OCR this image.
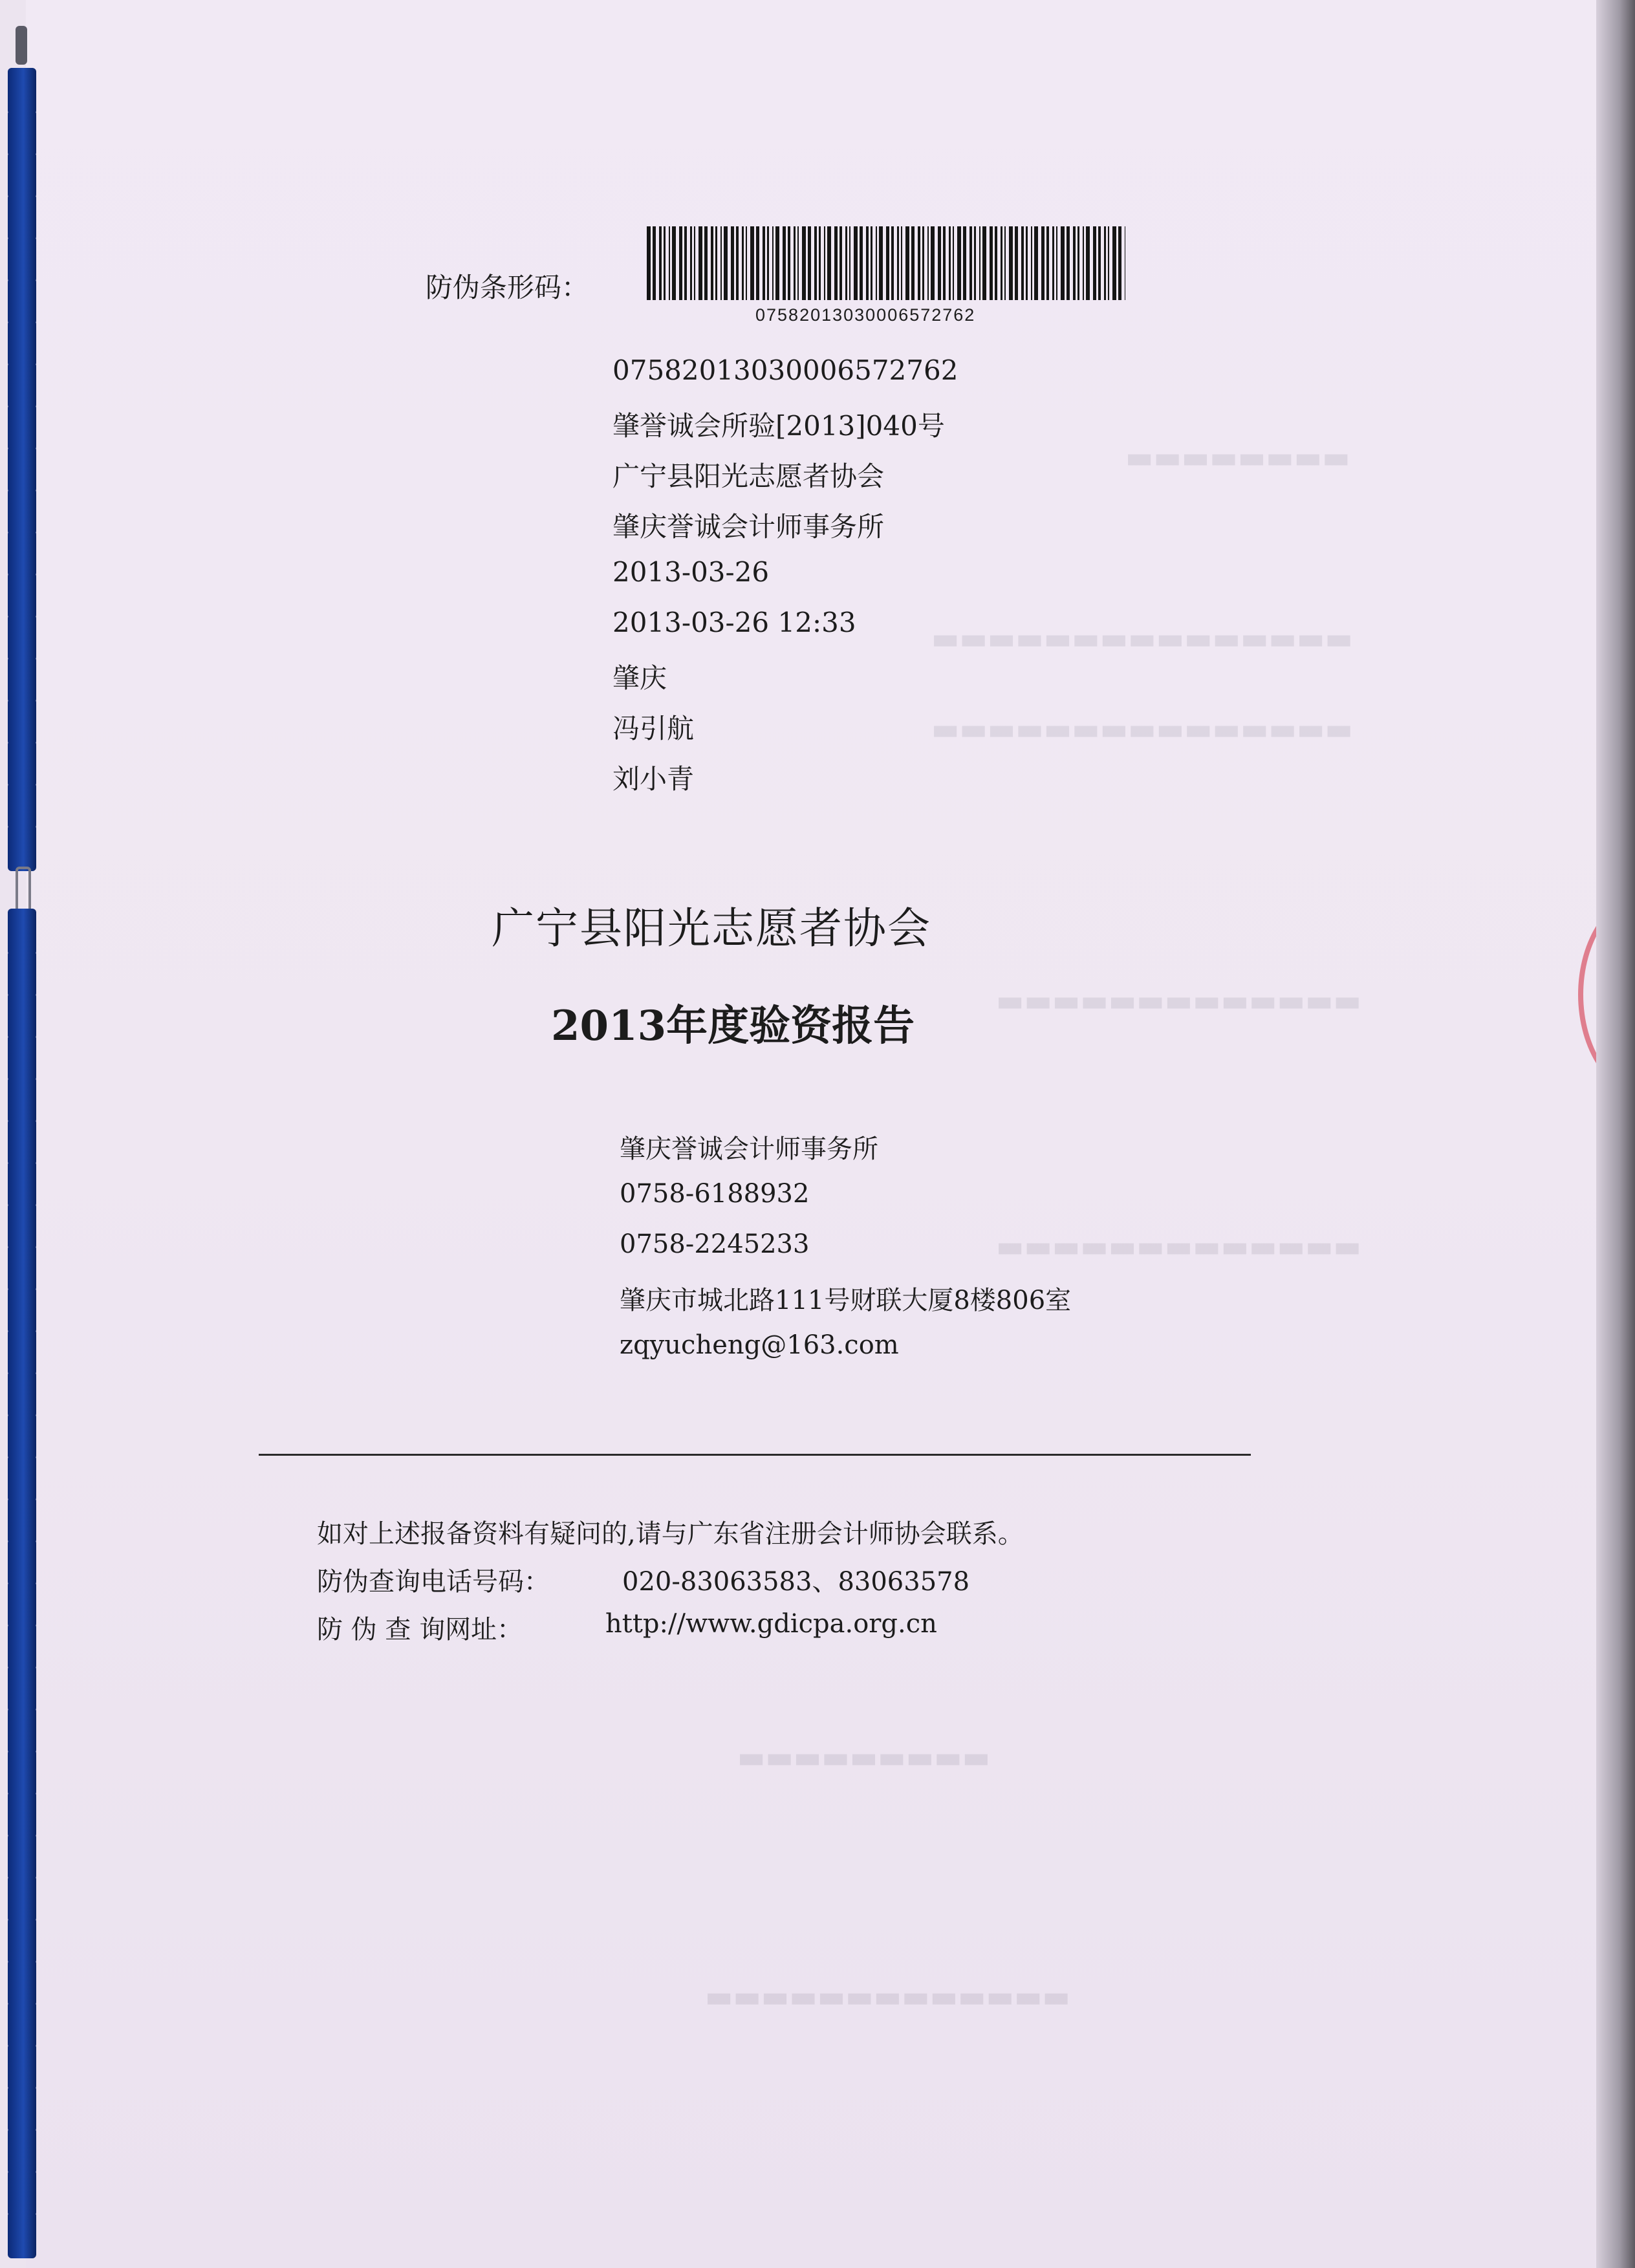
▬▬▬▬▬▬▬▬
▬▬▬▬▬▬▬▬▬▬▬▬▬▬▬
▬▬▬▬▬▬▬▬▬▬▬▬▬▬▬
▬▬▬▬▬▬▬▬▬▬▬▬▬
▬▬▬▬▬▬▬▬▬▬▬▬▬
▬▬▬▬▬▬▬▬▬
▬▬▬▬▬▬▬▬▬▬▬▬▬
防伪条形码：
07582013030006572762
07582013030006572762
肇誉诚会所验[2013]040号
广宁县阳光志愿者协会
肇庆誉诚会计师事务所
2013-03-26
2013-03-26 12:33
肇庆
冯引航
刘小青
广宁县阳光志愿者协会
2013年度验资报告
肇庆誉诚会计师事务所
0758-6188932
0758-2245233
肇庆市城北路111号财联大厦8楼806室
zqyucheng@163.com
如对上述报备资料有疑问的,请与广东省注册会计师协会联系。
防伪查询电话号码：	020-83063583、83063578
防 伪 查 询网址：	http://www.gdicpa.org.cn
